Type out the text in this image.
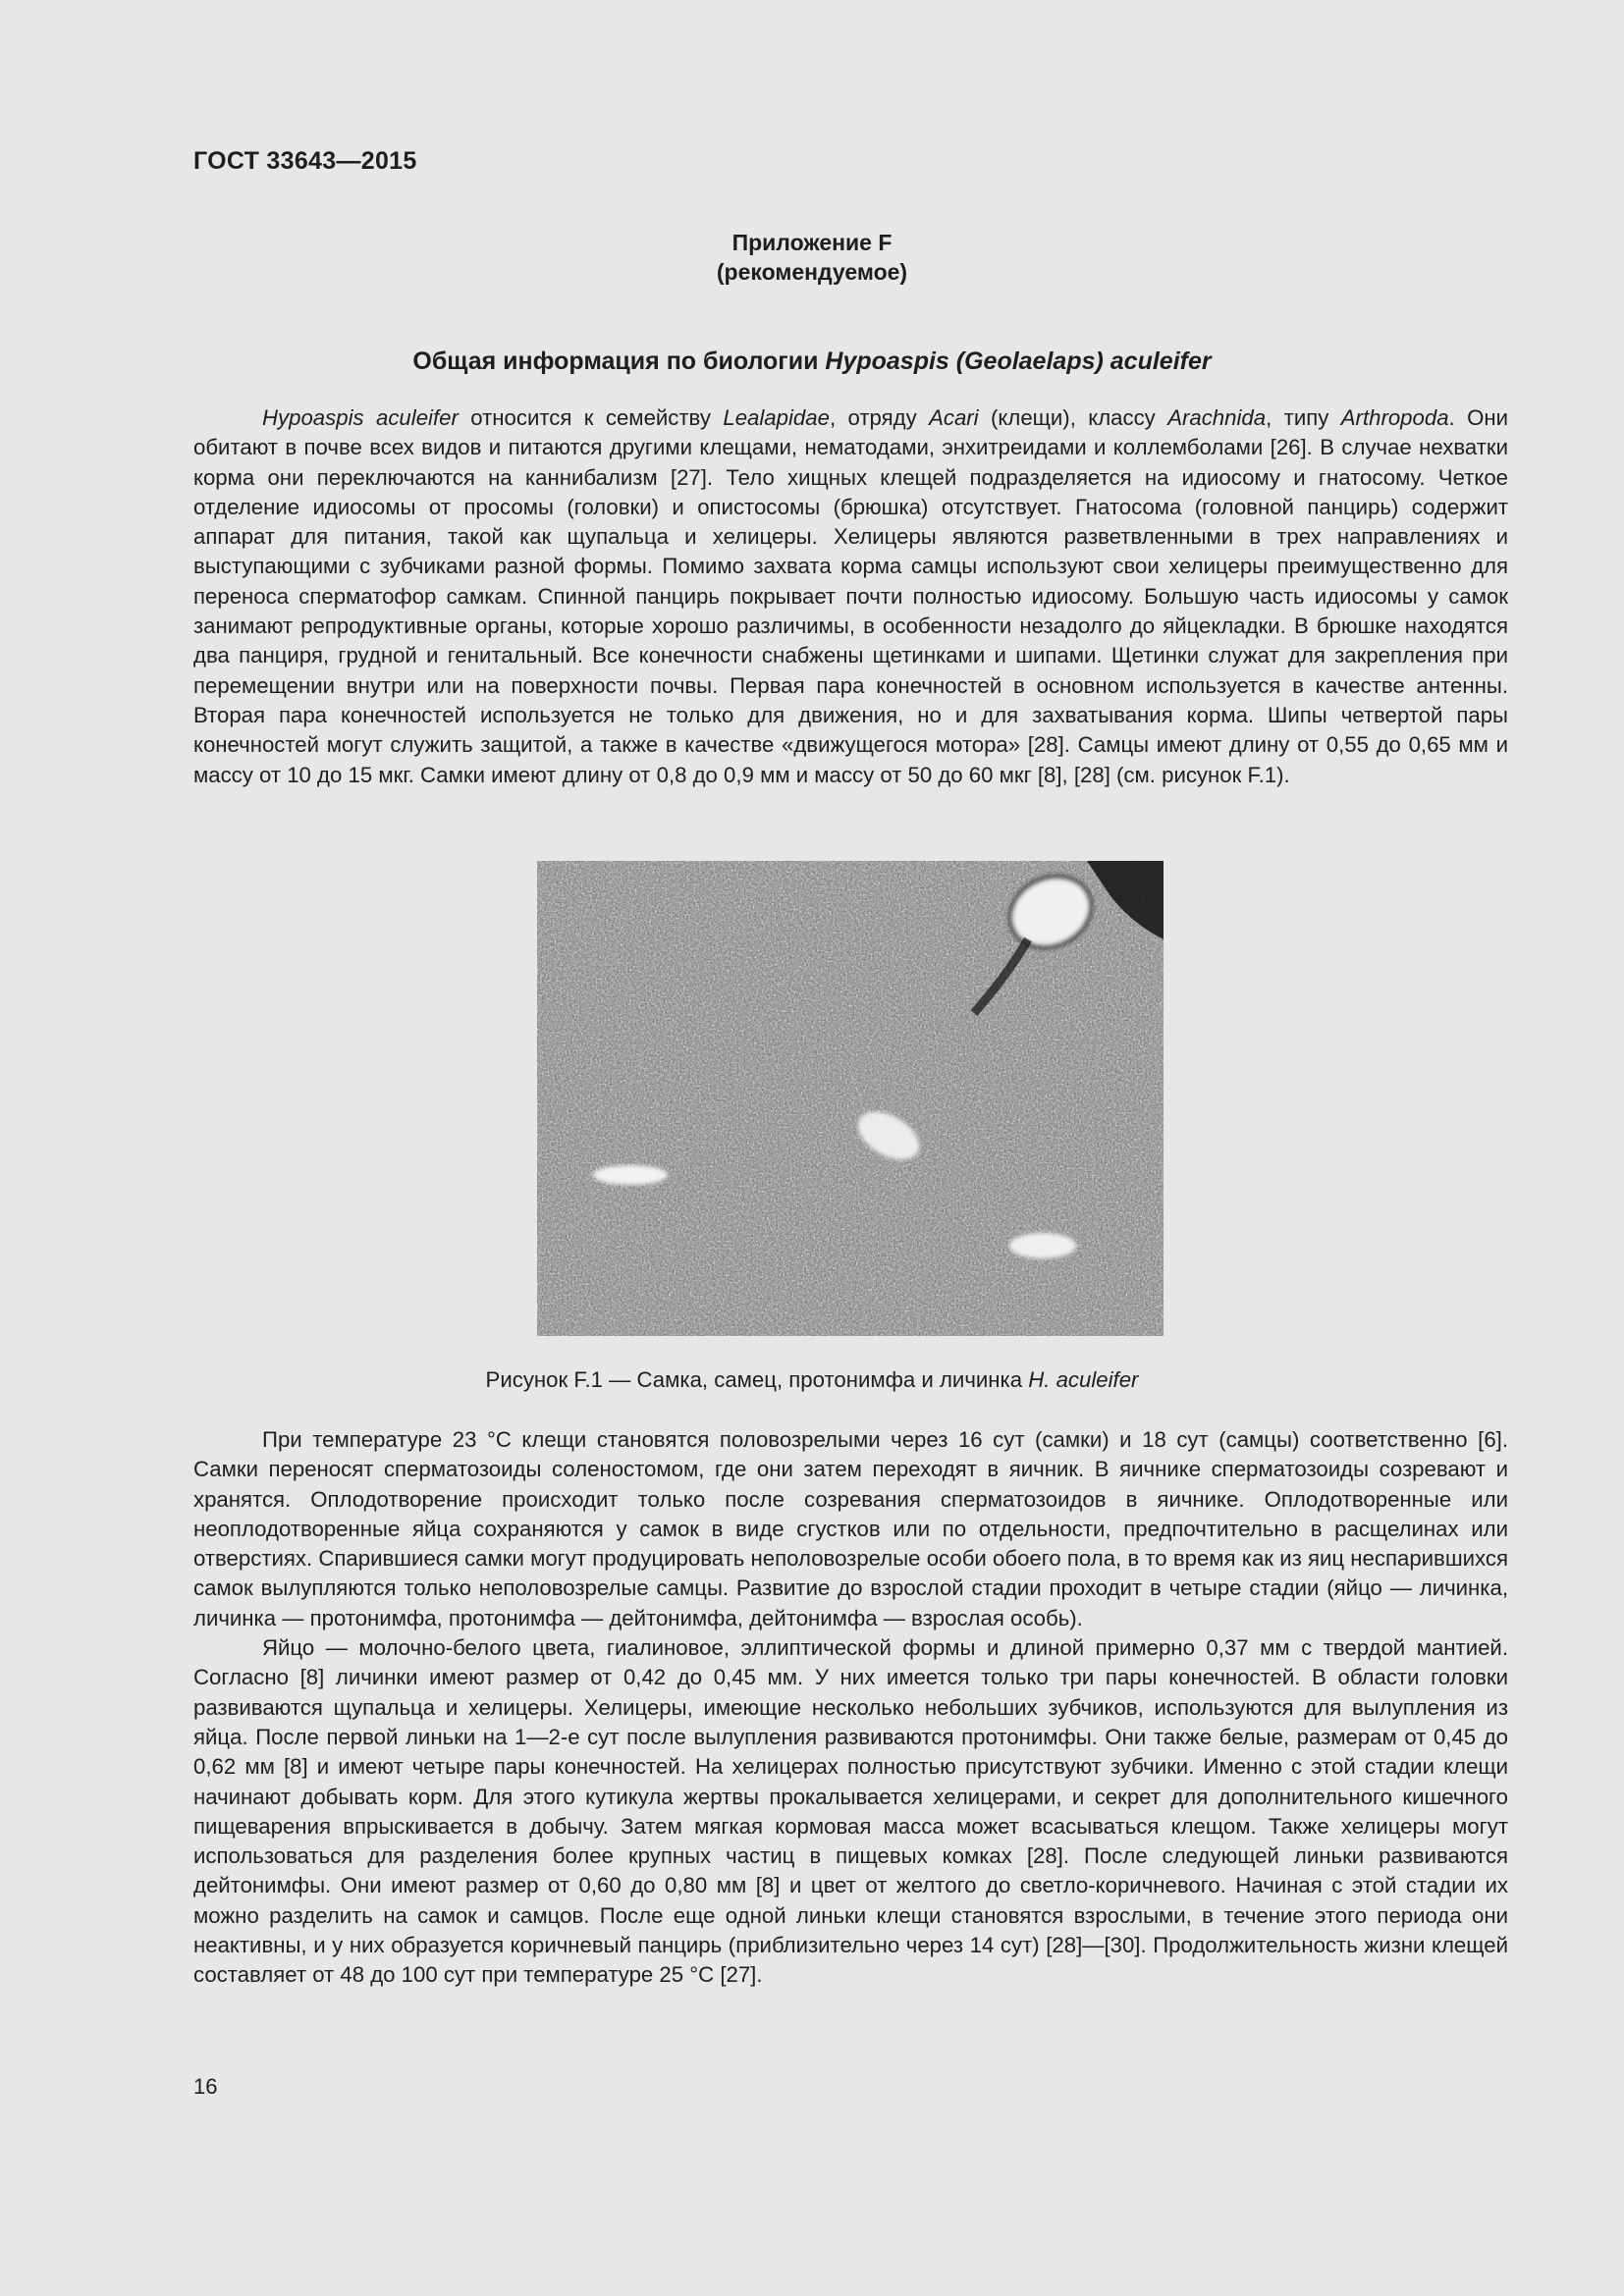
ГОСТ 33643—2015
Приложение F
(рекомендуемое)
Общая информация по биологии Hypoaspis (Geolaelaps) aculeifer

Hypoaspis aculeifer относится к семейству Lealapidae, отряду Acari (клещи), классу Arachnida, типу Arthropoda. Они обитают в почве всех видов и питаются другими клещами, нематодами, энхитреидами и коллемболами [26]. В случае нехватки корма они переключаются на каннибализм [27]. Тело хищных клещей подразделяется на идиосому и гнатосому. Четкое отделение идиосомы от просомы (головки) и опистосомы (брюшка) отсутствует. Гнатосома (головной панцирь) содержит аппарат для питания, такой как щупальца и хелицеры. Хелицеры являются разветвленными в трех направлениях и выступающими с зубчиками разной формы. Помимо захвата корма самцы используют свои хелицеры преимущественно для переноса сперматофор самкам. Спинной панцирь покрывает почти полностью идиосому. Большую часть идиосомы у самок занимают репродуктивные органы, которые хорошо различимы, в особенности незадолго до яйцекладки. В брюшке находятся два панциря, грудной и генитальный. Все конечности снабжены щетинками и шипами. Щетинки служат для закрепления при перемещении внутри или на поверхности почвы. Первая пара конечностей в основном используется в качестве антенны. Вторая пара конечностей используется не только для движения, но и для захватывания корма. Шипы четвертой пары конечностей могут служить защитой, а также в качестве «движущегося мотора» [28]. Самцы имеют длину от 0,55 до 0,65 мм и массу от 10 до 15 мкг. Самки имеют длину от 0,8 до 0,9 мм и массу от 50 до 60 мкг [8], [28] (см. рисунок F.1).

Рисунок F.1 — Самка, самец, протонимфа и личинка H. aculeifer

При температуре 23 °С клещи становятся половозрелыми через 16 сут (самки) и 18 сут (самцы) соответственно [6]. Самки переносят сперматозоиды соленостомом, где они затем переходят в яичник. В яичнике сперматозоиды созревают и хранятся. Оплодотворение происходит только после созревания сперматозоидов в яичнике. Оплодотворенные или неоплодотворенные яйца сохраняются у самок в виде сгустков или по отдельности, предпочтительно в расщелинах или отверстиях. Спарившиеся самки могут продуцировать неполовозрелые особи обоего пола, в то время как из яиц неспарившихся самок вылупляются только неполовозрелые самцы. Развитие до взрослой стадии проходит в четыре стадии (яйцо — личинка, личинка — протонимфа, протонимфа — дейтонимфа, дейтонимфа — взрослая особь).

Яйцо — молочно-белого цвета, гиалиновое, эллиптической формы и длиной примерно 0,37 мм с твердой мантией. Согласно [8] личинки имеют размер от 0,42 до 0,45 мм. У них имеется только три пары конечностей. В области головки развиваются щупальца и хелицеры. Хелицеры, имеющие несколько небольших зубчиков, используются для вылупления из яйца. После первой линьки на 1—2-е сут после вылупления развиваются протонимфы. Они также белые, размерам от 0,45 до 0,62 мм [8] и имеют четыре пары конечностей. На хелицерах полностью присутствуют зубчики. Именно с этой стадии клещи начинают добывать корм. Для этого кутикула жертвы прокалывается хелицерами, и секрет для дополнительного кишечного пищеварения впрыскивается в добычу. Затем мягкая кормовая масса может всасываться клещом. Также хелицеры могут использоваться для разделения более крупных частиц в пищевых комках [28]. После следующей линьки развиваются дейтонимфы. Они имеют размер от 0,60 до 0,80 мм [8] и цвет от желтого до светло-коричневого. Начиная с этой стадии их можно разделить на самок и самцов. После еще одной линьки клещи становятся взрослыми, в течение этого периода они неактивны, и у них образуется коричневый панцирь (приблизительно через 14 сут) [28]—[30]. Продолжительность жизни клещей составляет от 48 до 100 сут при температуре 25 °С [27].

16
